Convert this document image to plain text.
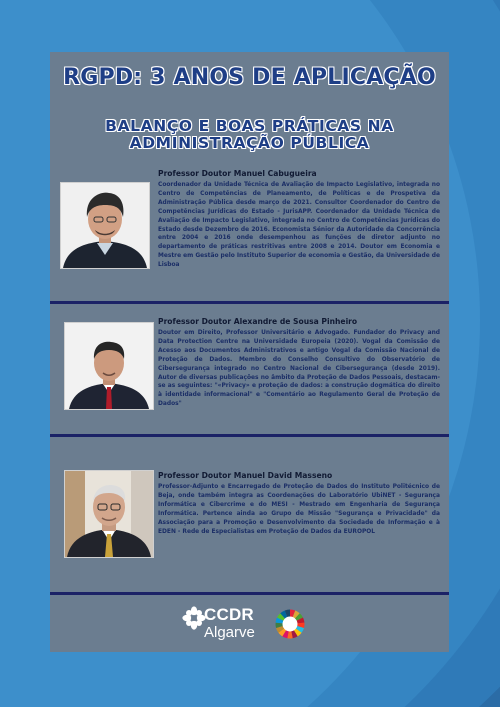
RGPD: 3 ANOS DE APLICAÇÃO
BALANÇO E BOAS PRÁTICAS NA ADMINISTRAÇÃO PÚBLICA
Professor Doutor Manuel Cabugueira

Coordenador da Unidade Técnica de Avaliação de Impacto Legislativo, integrada no Centro de Competências de Planeamento, de Políticas e de Prospetiva da Administração Pública desde março de 2021. Consultor Coordenador do Centro de Competências Jurídicas do Estado - JurisAPP. Coordenador da Unidade Técnica de Avaliação de Impacto Legislativo, integrada no Centro de Competências Jurídicas do Estado desde Dezembro de 2016. Economista Sénior da Autoridade da Concorrência entre 2004 e 2016 onde desempenhou as funções de diretor adjunto no departamento de práticas restritivas entre 2008 e 2014. Doutor em Economia e Mestre em Gestão pelo Instituto Superior de economia e Gestão, da Universidade de Lisboa

Professor Doutor Alexandre de Sousa Pinheiro

Doutor em Direito, Professor Universitário e Advogado. Fundador do Privacy and Data Protection Centre na Universidade Europeia (2020). Vogal da Comissão de Acesso aos Documentos Administrativos e antigo Vogal da Comissão Nacional de Proteção de Dados. Membro do Conselho Consultivo do Observatório de Cibersegurança integrado no Centro Nacional de Cibersegurança (desde 2019). Autor de diversas publicações no âmbito da Proteção de Dados Pessoais, destacam-se as seguintes: "«Privacy» e proteção de dados: a construção dogmática do direito à identidade informacional" e "Comentário ao Regulamento Geral de Proteção de Dados"

Professor Doutor Manuel David Masseno

Professor-Adjunto e Encarregado de Proteção de Dados do Instituto Politécnico de Beja, onde também integra as Coordenações do Laboratório UbiNET - Segurança Informática e Cibercrime e do MESI - Mestrado em Engenharia de Segurança Informática. Pertence ainda ao Grupo de Missão "Segurança e Privacidade" da Associação para a Promoção e Desenvolvimento da Sociedade de Informação e à EDEN - Rede de Especialistas em Proteção de Dados da EUROPOL

CCDR
Algarve
